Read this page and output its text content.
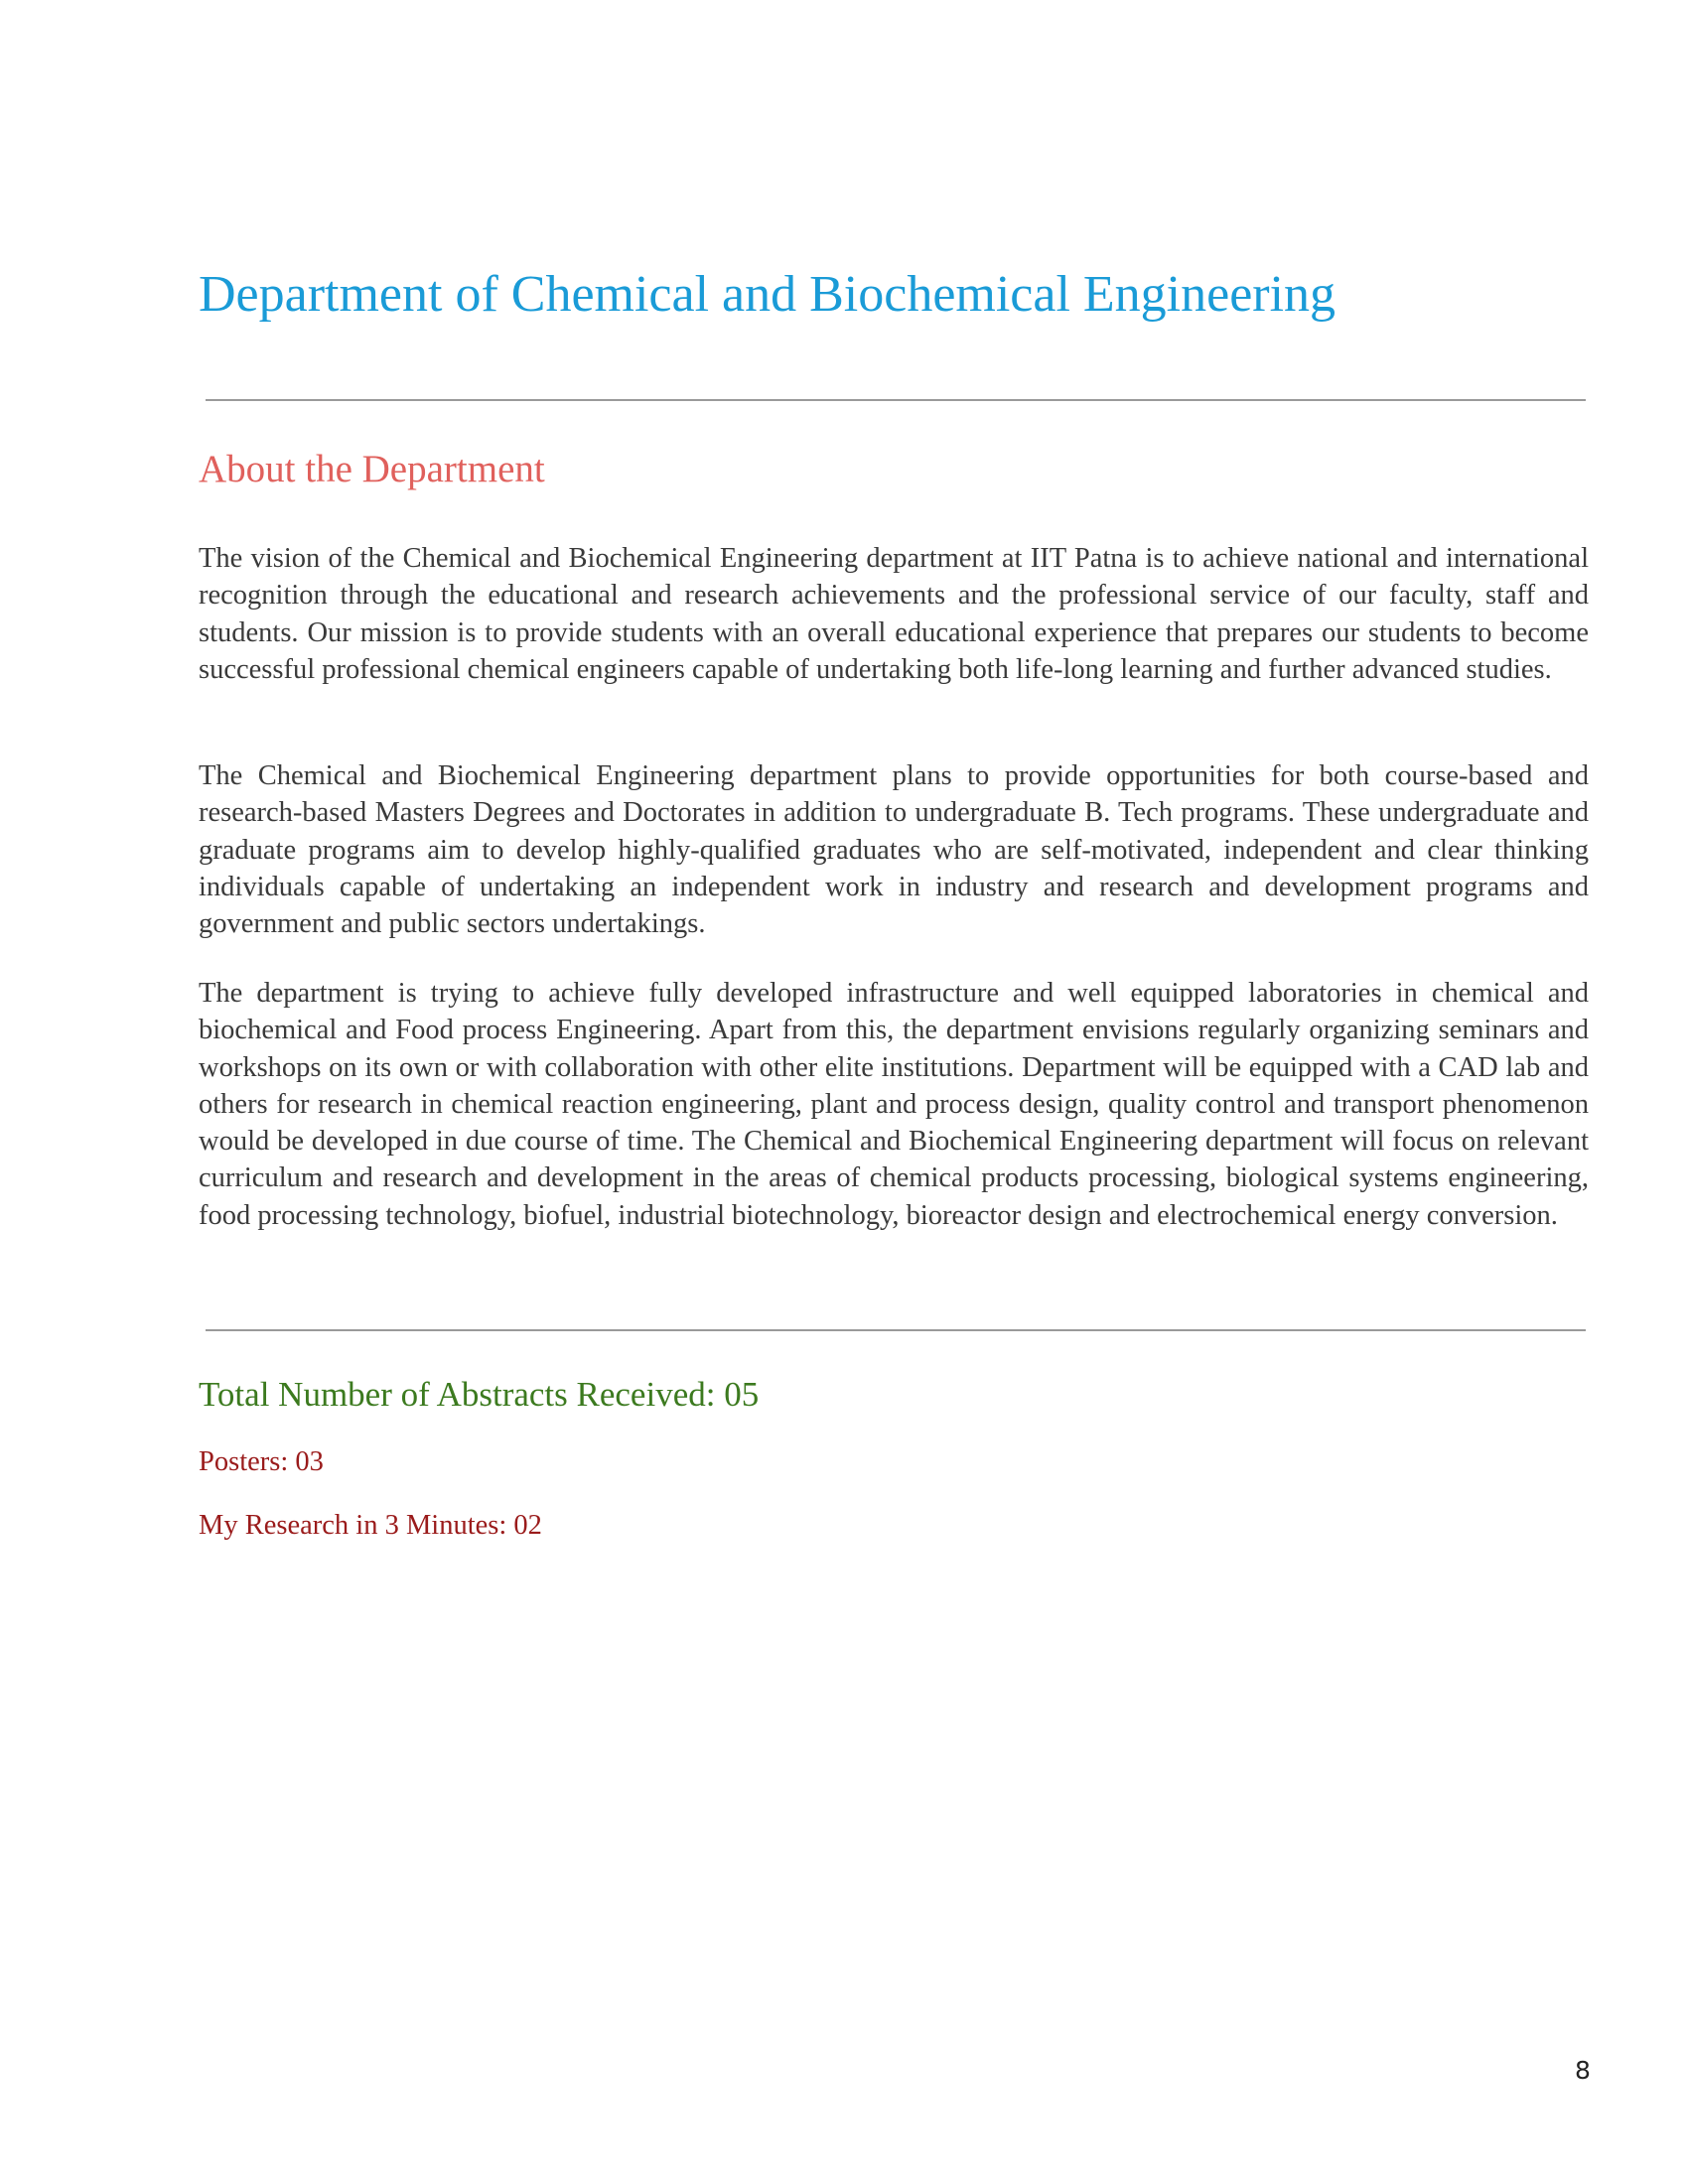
Department of Chemical and Biochemical Engineering
About the Department

The vision of the Chemical and Biochemical Engineering department at IIT Patna is to achieve national and international recognition through the educational and research achievements and the professional service of our faculty, staff and students. Our mission is to provide students with an overall educational experience that prepares our students to become successful professional chemical engineers capable of undertaking both life-long learning and further advanced studies.

The Chemical and Biochemical Engineering department plans to provide opportunities for both course-based and research-based Masters Degrees and Doctorates in addition to undergraduate B. Tech programs. These undergraduate and graduate programs aim to develop highly-qualified graduates who are self-motivated, independent and clear thinking individuals capable of undertaking an independent work in industry and research and development programs and government and public sectors undertakings.

The department is trying to achieve fully developed infrastructure and well equipped laboratories in chemical and biochemical and Food process Engineering. Apart from this, the department envisions regularly organizing seminars and workshops on its own or with collaboration with other elite institutions. Department will be equipped with a CAD lab and others for research in chemical reaction engineering, plant and process design, quality control and transport phenomenon would be developed in due course of time. The Chemical and Biochemical Engineering department will focus on relevant curriculum and research and development in the areas of chemical products processing, biological systems engineering, food processing technology, biofuel, industrial biotechnology, bioreactor design and electrochemical energy conversion.

Total Number of Abstracts Received: 05

Posters: 03

My Research in 3 Minutes: 02

8
